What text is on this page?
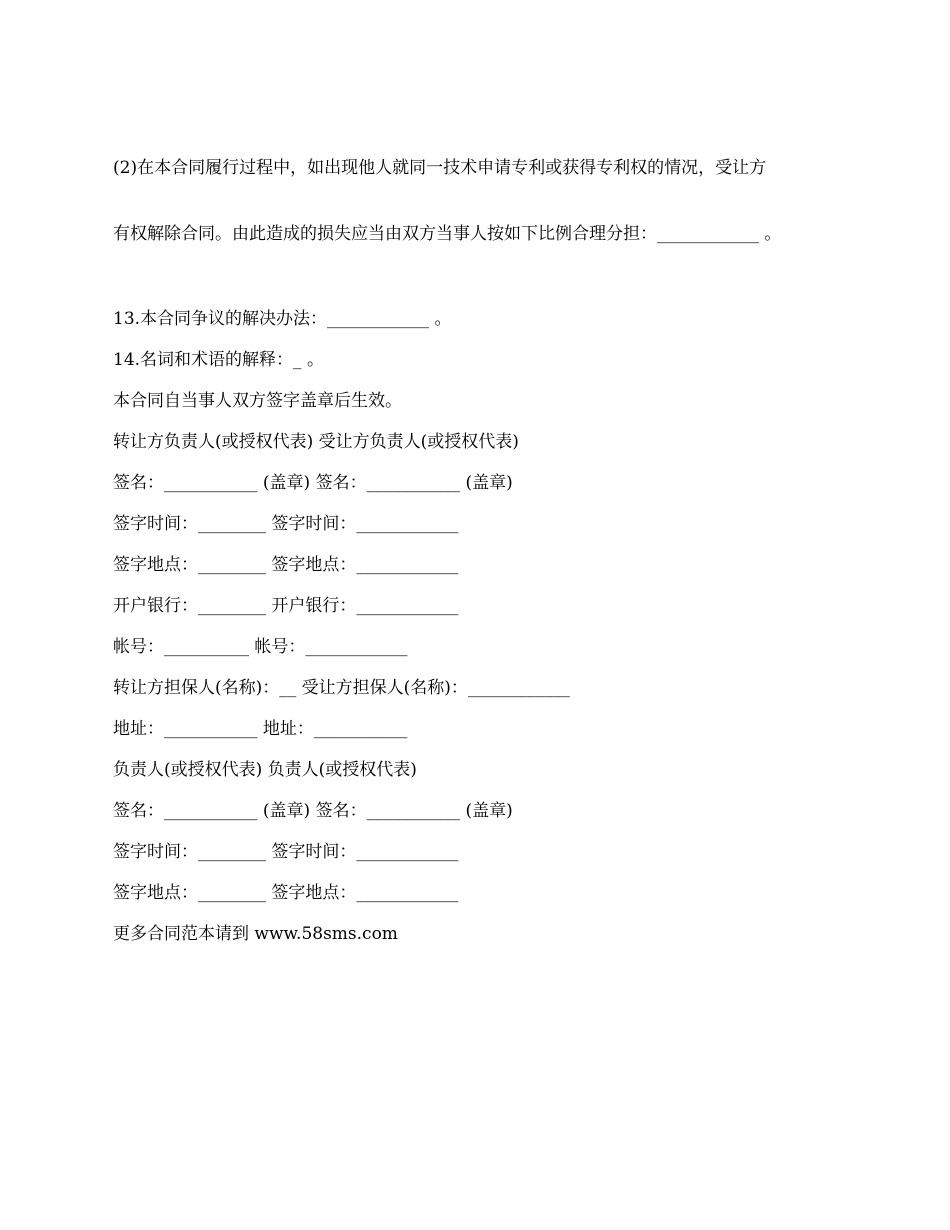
(2)在本合同履行过程中，如出现他人就同一技术申请专利或获得专利权的情况，受让方

有权解除合同。由此造成的损失应当由双方当事人按如下比例合理分担：____________ 。

13.本合同争议的解决办法：____________ 。
14.名词和术语的解释：_ 。
本合同自当事人双方签字盖章后生效。
转让方负责人(或授权代表) 受让方负责人(或授权代表)
签名：___________ (盖章) 签名：___________ (盖章)
签字时间：________ 签字时间：____________
签字地点：________ 签字地点：____________
开户银行：________ 开户银行：____________
帐号：__________ 帐号：____________
转让方担保人(名称)：__ 受让方担保人(名称)：____________
地址：___________ 地址：___________
负责人(或授权代表) 负责人(或授权代表)
签名：___________ (盖章) 签名：___________ (盖章)
签字时间：________ 签字时间：____________
签字地点：________ 签字地点：____________
更多合同范本请到 www.58sms.com
